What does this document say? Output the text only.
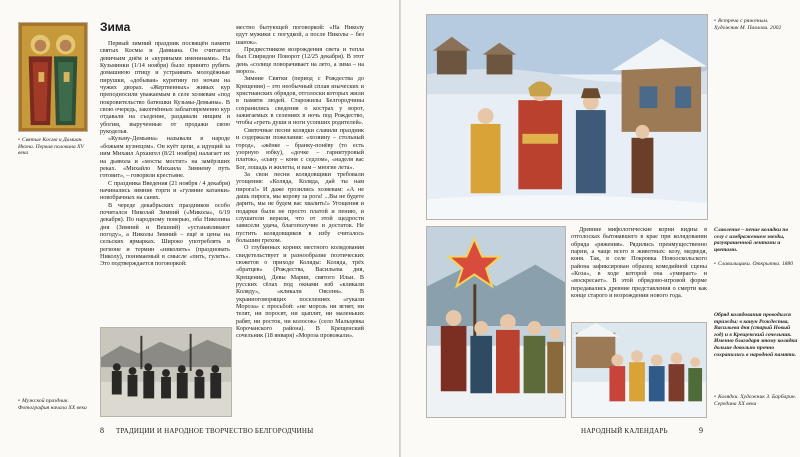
• Святые Косма и Дамиан. Икона. Первая половина XV века
Зима

Первый зимний праздник посвящён памяти святых Космы и Дамиана. Он считается девичьим днём и «куриными именинами». На Кузьминки (1/14 ноября) было принято рубить домашнюю птицу и устраивать молодёжные пирушки, «добывая» курятину по ночам на чужих дворах. «Жертвенных» живых кур преподносили уважаемым в селе хозяевам «под покровительство батюшки Кузьмы-Демьяна». В свою очередь, закопчённых заблаговременно кур отдавали на съедение, раздавали нищим и убогим, вырученные от продажи свою рукоделья.

«Кузьму-Демьяна» называли в народе «божьим кузнецом». Он куёт цепи, а идущий за ним Михаил Архангел (8/21 ноября) налагает их на дьявола и «мосты мостит» на замёрзших реках. «Михайло Михаила Зимнему путь готовит», – говорили крестьяне.

С праздника Введения (21 ноября / 4 декабря) начинались зимние торги и «гуляние катанки» новобрачных на санях.

В череде декабрьских праздников особо почитался Николай Зимний («Микола», 6/19 декабря). По народному поверью, оба Николина дня (Зимний и Вешний) «устанавливают погоду», а Николы Зимний – ещё и цены на сельских ярмарках. Широко употреблять в регионе и термин «николить» (праздновать Николу), понимаемый в смысле «пить, гулять». Это подтверждается поговоркой:

местно бытующей поговоркой: «На Николу едут мужики с погудкой, а после Николы – без шапок».

Предвестником возрождения света и тепла был Спиридон Поворот (12/25 декабря). В этот день «солнце поворачивает на лето, а зима – на мороз».

Зимние Святки (период с Рождества до Крещения) – это необычный сплав языческих и христианских обрядов, отголоски которых жили в памяти людей. Старожилы Белгородчины сохранились сведения о кострах у ворот, зажигаемых в селениях в ночь под Рождество, чтобы «греть души и ноги усопших родителей».

Святочные песни колядки славили праздник и содержали пожелания: «хозяину – стольный город», «жёнке – бранку-понёву (то есть узорную юбку), «дочке – гарнитуровый платок», «сыну – коня с седлом», «наделя вас Бог, лошадь и жилеты, и вам – многие лета».

За свои песни колядовщики требовали угощения: «Коляда, Коляда, дай ты нам пирога!» И даже грозились хозяевам: «А не дашь пирога, мы корову за рога! ...Вы не будете дарить, мы не будем вас хвалить!» Угощения и подарки были не просто платой и пению, и слушатели верили, что от этой щедрости зависели удача, благополучие и достаток. Не пустить колядовщиков в избу считалось большим грехом.

О глубинных корнях местного колядования свидетельствует и разнообразие поэтических сюжетов о приходе Коляды: Коляда, трёх «братцев» (Рождества, Васильева дня, Крещения), Девы Марии, святого Ильи. В русских сёлах под окнами изб «кликали Коляду», «кликали Овсеня». В украиноговорящих поселениях «гукали Мороза» с просьбой: «не морозь ни ягнят, ни телят, ни поросят, ни цыплят, ни маленьких рабят, ни росток, ни колосок» (село Мальцевка Корочанского района). В Крещенский сочельник (18 января) «Мороза провожали».

• Мужской праздник. Фотография начала XX века
8 ТРАДИЦИИ И НАРОДНОЕ ТВОРЧЕСТВО БЕЛГОРОДЧИНЫ
• Встреча с ряженым. Художник М. Павлова. 2002
Славление – пение колядки по селу с изображением звезды, разукрашенной лентами и цветами.
• Славильщики. Открытка. 1880

Древние мифологические корни видны в отголосках бытовавшего в крае при колядовании обряда «ряжения». Рядились преимущественно парни, а чаще всего в животных: козу, медведя, коня. Так, в селе Покровка Новооскольского района зафиксирован образец комедийной сцены «Коза», в ходе которой она «умирает» и «воскресает». В этой обрядово-игровой форме передавались древние представления о смерти как конце старого и возрождении нового года.

Обряд колядования проводился трижды: в канун Рождества, Васильева дня (старый Новый год) и в Крещенский сочельник. Именно благодаря этому колядки дольше довольно прочно сохранились в народной памяти.
• Колядки. Художник З. Барбарин. Середина XX века
НАРОДНЫЙ КАЛЕНДАРЬ	9
